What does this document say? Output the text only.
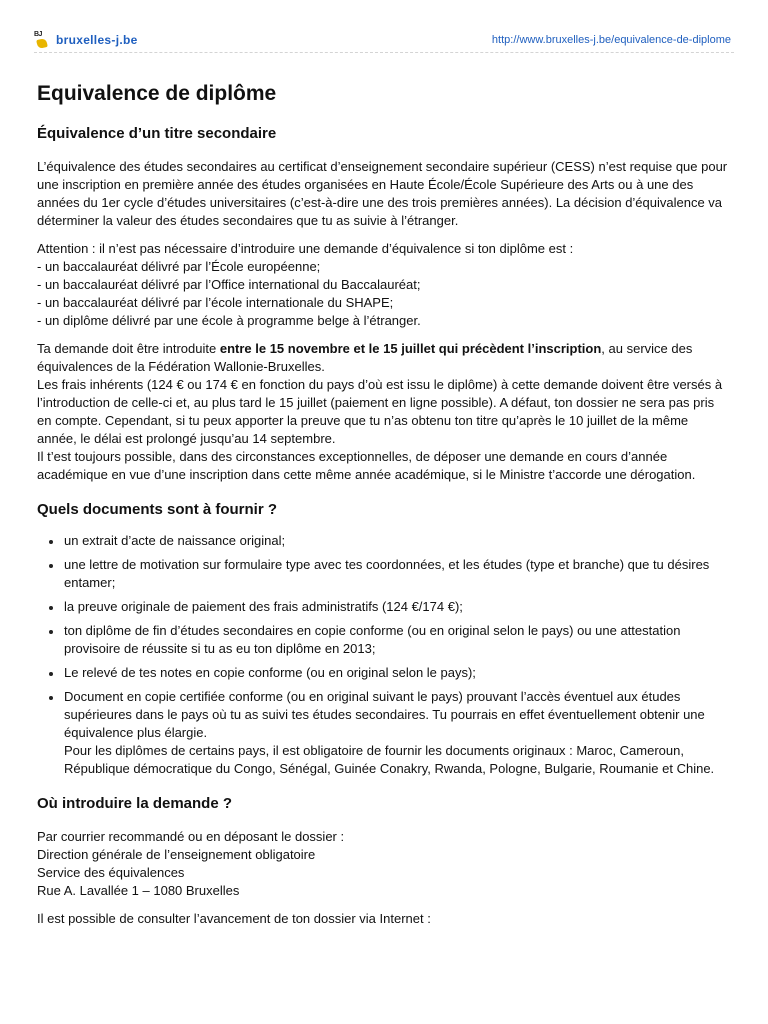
BJ bruxelles-j.be	http://www.bruxelles-j.be/equivalence-de-diplome
Equivalence de diplôme
Équivalence d’un titre secondaire

L’équivalence des études secondaires au certificat d’enseignement secondaire supérieur (CESS) n’est requise que pour une inscription en première année des études organisées en Haute École/École Supérieure des Arts ou à une des années du 1er cycle d’études universitaires (c’est-à-dire une des trois premières années). La décision d’équivalence va déterminer la valeur des études secondaires que tu as suivie à l’étranger.

Attention : il n’est pas nécessaire d’introduire une demande d’équivalence si ton diplôme est :
- un baccalauréat délivré par l’École européenne;
- un baccalauréat délivré par l’Office international du Baccalauréat;
- un baccalauréat délivré par l’école internationale du SHAPE;
- un diplôme délivré par une école à programme belge à l’étranger.

Ta demande doit être introduite entre le 15 novembre et le 15 juillet qui précèdent l’inscription, au service des équivalences de la Fédération Wallonie-Bruxelles.
Les frais inhérents (124 € ou 174 € en fonction du pays d’où est issu le diplôme) à cette demande doivent être versés à l’introduction de celle-ci et, au plus tard le 15 juillet (paiement en ligne possible). A défaut, ton dossier ne sera pas pris en compte. Cependant, si tu peux apporter la preuve que tu n’as obtenu ton titre qu’après le 10 juillet de la même année, le délai est prolongé jusqu’au 14 septembre.
Il t’est toujours possible, dans des circonstances exceptionnelles, de déposer une demande en cours d’année académique en vue d’une inscription dans cette même année académique, si le Ministre t’accorde une dérogation.

Quels documents sont à fournir ?
un extrait d’acte de naissance original;
une lettre de motivation sur formulaire type avec tes coordonnées, et les études (type et branche) que tu désires entamer;
la preuve originale de paiement des frais administratifs (124 €/174 €);
ton diplôme de fin d’études secondaires en copie conforme (ou en original selon le pays) ou une attestation provisoire de réussite si tu as eu ton diplôme en 2013;
Le relevé de tes notes en copie conforme (ou en original selon le pays);
Document en copie certifiée conforme (ou en original suivant le pays) prouvant l’accès éventuel aux études supérieures dans le pays où tu as suivi tes études secondaires. Tu pourrais en effet éventuellement obtenir une équivalence plus élargie.
Pour les diplômes de certains pays, il est obligatoire de fournir les documents originaux : Maroc, Cameroun, République démocratique du Congo, Sénégal, Guinée Conakry, Rwanda, Pologne, Bulgarie, Roumanie et Chine.
Où introduire la demande ?

Par courrier recommandé ou en déposant le dossier :
Direction générale de l’enseignement obligatoire
Service des équivalences
Rue A. Lavallée 1 – 1080 Bruxelles

Il est possible de consulter l’avancement de ton dossier via Internet :
